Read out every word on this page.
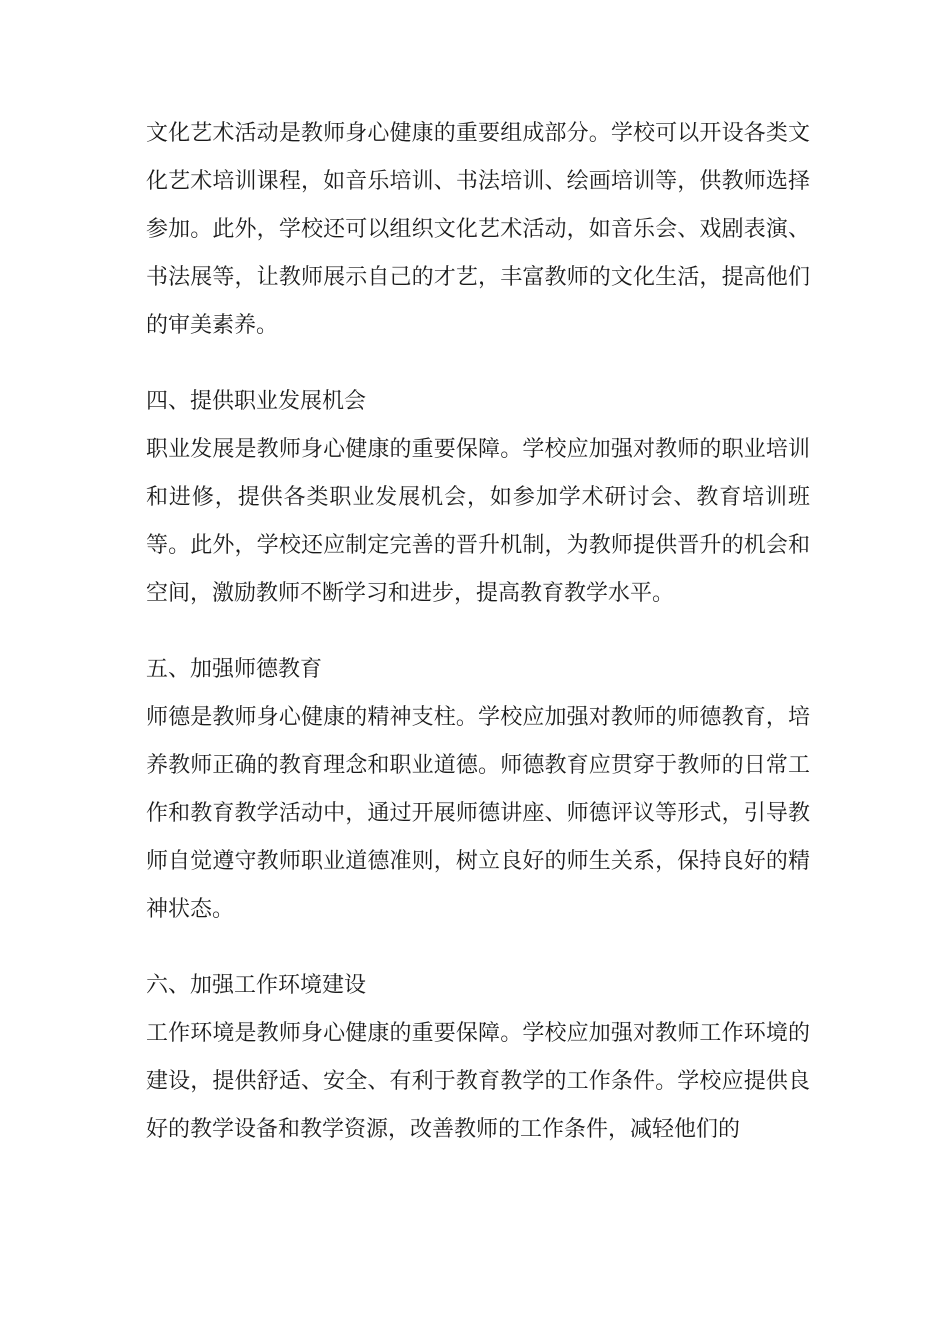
文化艺术活动是教师身心健康的重要组成部分。学校可以开设各类文化艺术培训课程，如音乐培训、书法培训、绘画培训等，供教师选择参加。此外，学校还可以组织文化艺术活动，如音乐会、戏剧表演、书法展等，让教师展示自己的才艺，丰富教师的文化生活，提高他们的审美素养。

四、提供职业发展机会

职业发展是教师身心健康的重要保障。学校应加强对教师的职业培训和进修，提供各类职业发展机会，如参加学术研讨会、教育培训班等。此外，学校还应制定完善的晋升机制，为教师提供晋升的机会和空间，激励教师不断学习和进步，提高教育教学水平。

五、加强师德教育

师德是教师身心健康的精神支柱。学校应加强对教师的师德教育，培养教师正确的教育理念和职业道德。师德教育应贯穿于教师的日常工作和教育教学活动中，通过开展师德讲座、师德评议等形式，引导教师自觉遵守教师职业道德准则，树立良好的师生关系，保持良好的精神状态。

六、加强工作环境建设

工作环境是教师身心健康的重要保障。学校应加强对教师工作环境的建设，提供舒适、安全、有利于教育教学的工作条件。学校应提供良好的教学设备和教学资源，改善教师的工作条件，减轻他们的
